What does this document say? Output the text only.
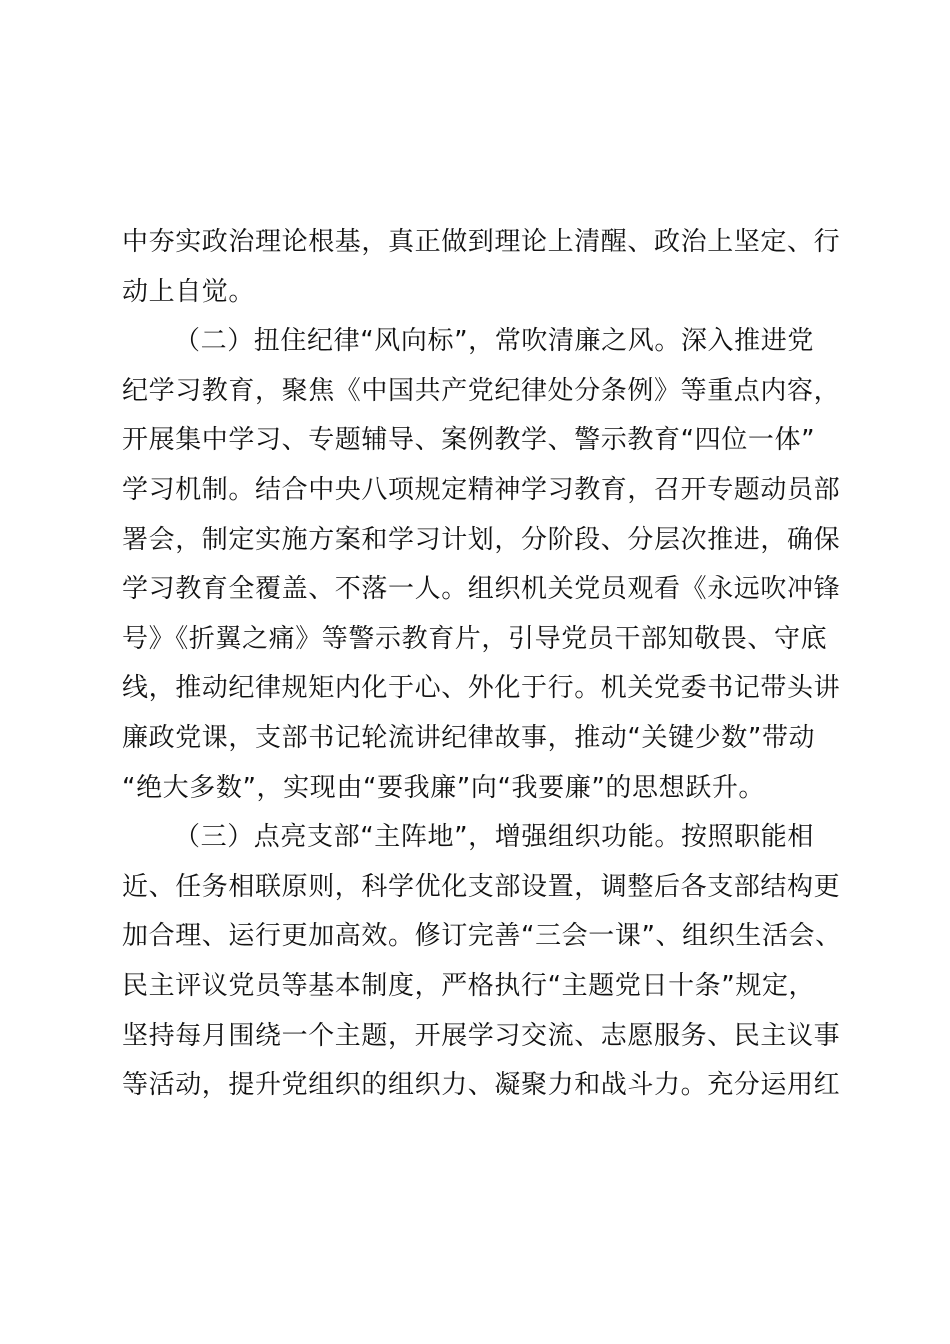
中夯实政治理论根基，真正做到理论上清醒、政治上坚定、行
动上自觉。
（二）扭住纪律“风向标”，常吹清廉之风。深入推进党
纪学习教育，聚焦《中国共产党纪律处分条例》等重点内容，
开展集中学习、专题辅导、案例教学、警示教育“四位一体”
学习机制。结合中央八项规定精神学习教育，召开专题动员部
署会，制定实施方案和学习计划，分阶段、分层次推进，确保
学习教育全覆盖、不落一人。组织机关党员观看《永远吹冲锋
号》《折翼之痛》等警示教育片，引导党员干部知敬畏、守底
线，推动纪律规矩内化于心、外化于行。机关党委书记带头讲
廉政党课，支部书记轮流讲纪律故事，推动“关键少数”带动
“绝大多数”，实现由“要我廉”向“我要廉”的思想跃升。
（三）点亮支部“主阵地”，增强组织功能。按照职能相
近、任务相联原则，科学优化支部设置，调整后各支部结构更
加合理、运行更加高效。修订完善“三会一课”、组织生活会、
民主评议党员等基本制度，严格执行“主题党日十条”规定，
坚持每月围绕一个主题，开展学习交流、志愿服务、民主议事
等活动，提升党组织的组织力、凝聚力和战斗力。充分运用红
